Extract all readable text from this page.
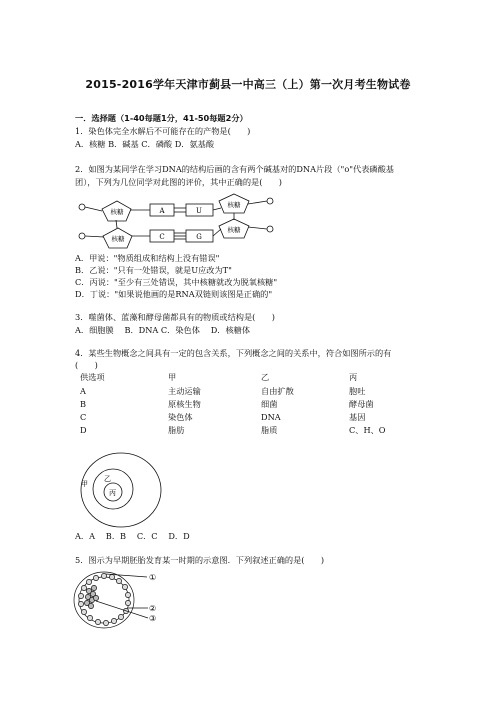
2015-2016学年天津市蓟县一中高三（上）第一次月考生物试卷
一．选择题（1-40每题1分，41-50每题2分）
1．染色体完全水解后不可能存在的产物是(　　)
A．核糖 B．碱基 C．磷酸 D．氨基酸
2．如图为某同学在学习DNA的结构后画的含有两个碱基对的DNA片段（"o"代表磷酸基
团），下列为几位同学对此图的评价，其中正确的是(　　)
核糖
核糖
核糖
核糖
A	U
C	G
A．甲说："物质组成和结构上没有错误"
B．乙说："只有一处错误，就是U应改为T"
C．丙说："至少有三处错误，其中核糖就改为脱氧核糖"
D．丁说："如果说他画的是RNA双链则该图是正确的"
3．噬菌体、蓝藻和酵母菌都具有的物质或结构是(　　)
A．细胞膜　 B．DNA C．染色体　 D．核糖体
4．某些生物概念之间具有一定的包含关系，下列概念之间的关系中，符合如图所示的有
(　　)
供选项	甲	乙	丙
A	主动运输	自由扩散	胞吐
B	原核生物	细菌	酵母菌
C	染色体	DNA	基因
D	脂肪	脂质	C、H、O
甲
乙
丙
A．A　 B．B　 C．C　 D．D
5．图示为早期胚胎发育某一时期的示意图．下列叙述正确的是(　　)
①
②
③
